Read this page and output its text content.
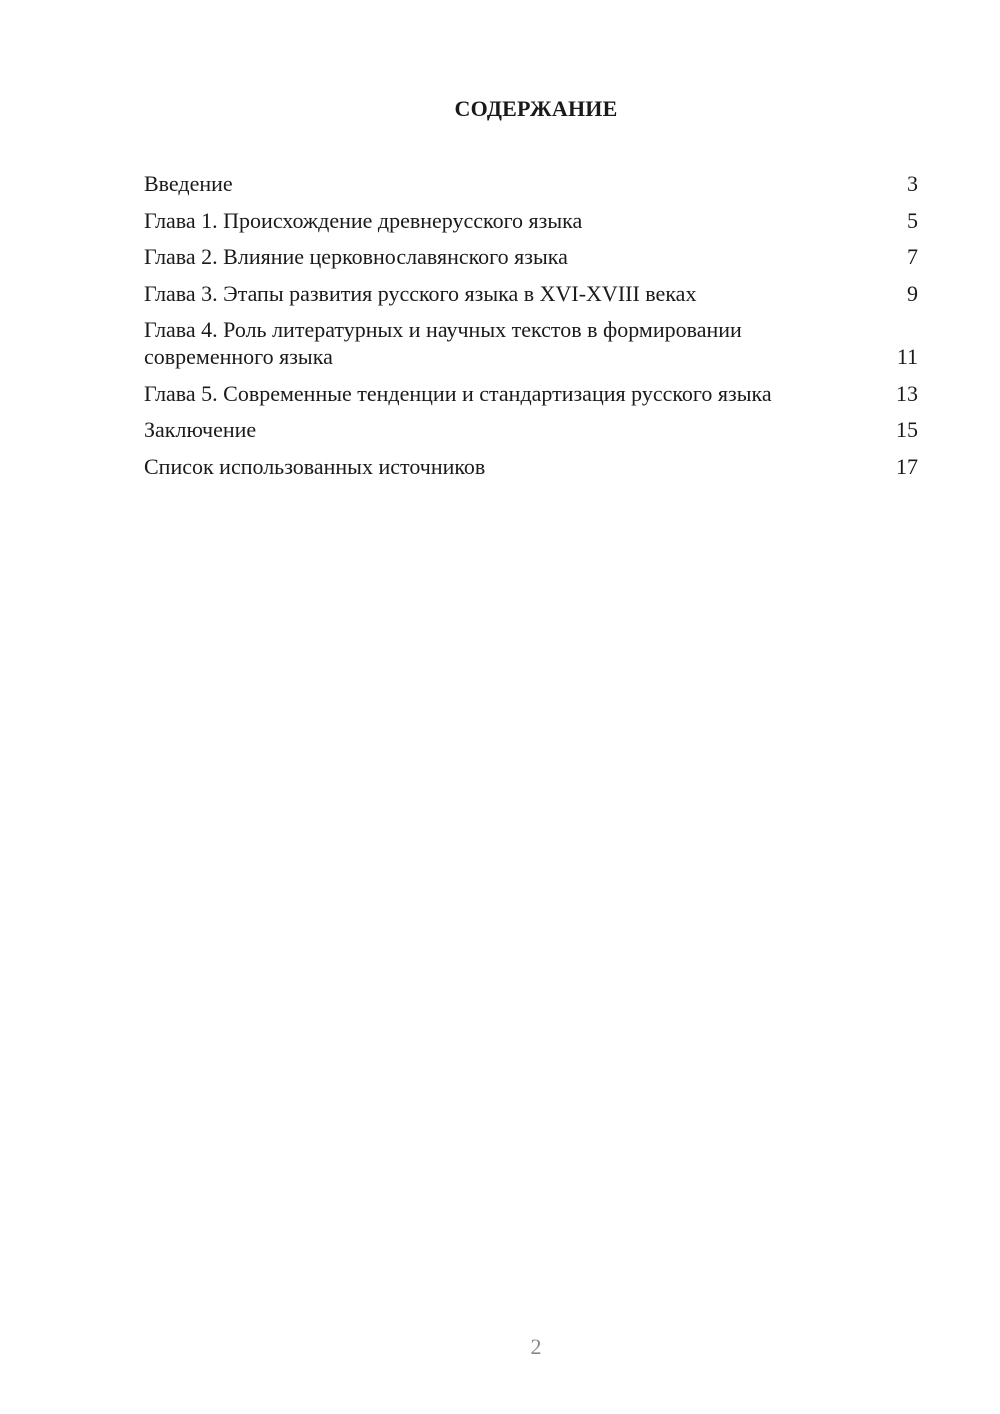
СОДЕРЖАНИЕ
Введение	3
Глава 1. Происхождение древнерусского языка	5
Глава 2. Влияние церковнославянского языка	7
Глава 3. Этапы развития русского языка в XVI-XVIII веках	9
Глава 4. Роль литературных и научных текстов в формировании современного языка	11
Глава 5. Современные тенденции и стандартизация русского языка	13
Заключение	15
Список использованных источников	17
2
